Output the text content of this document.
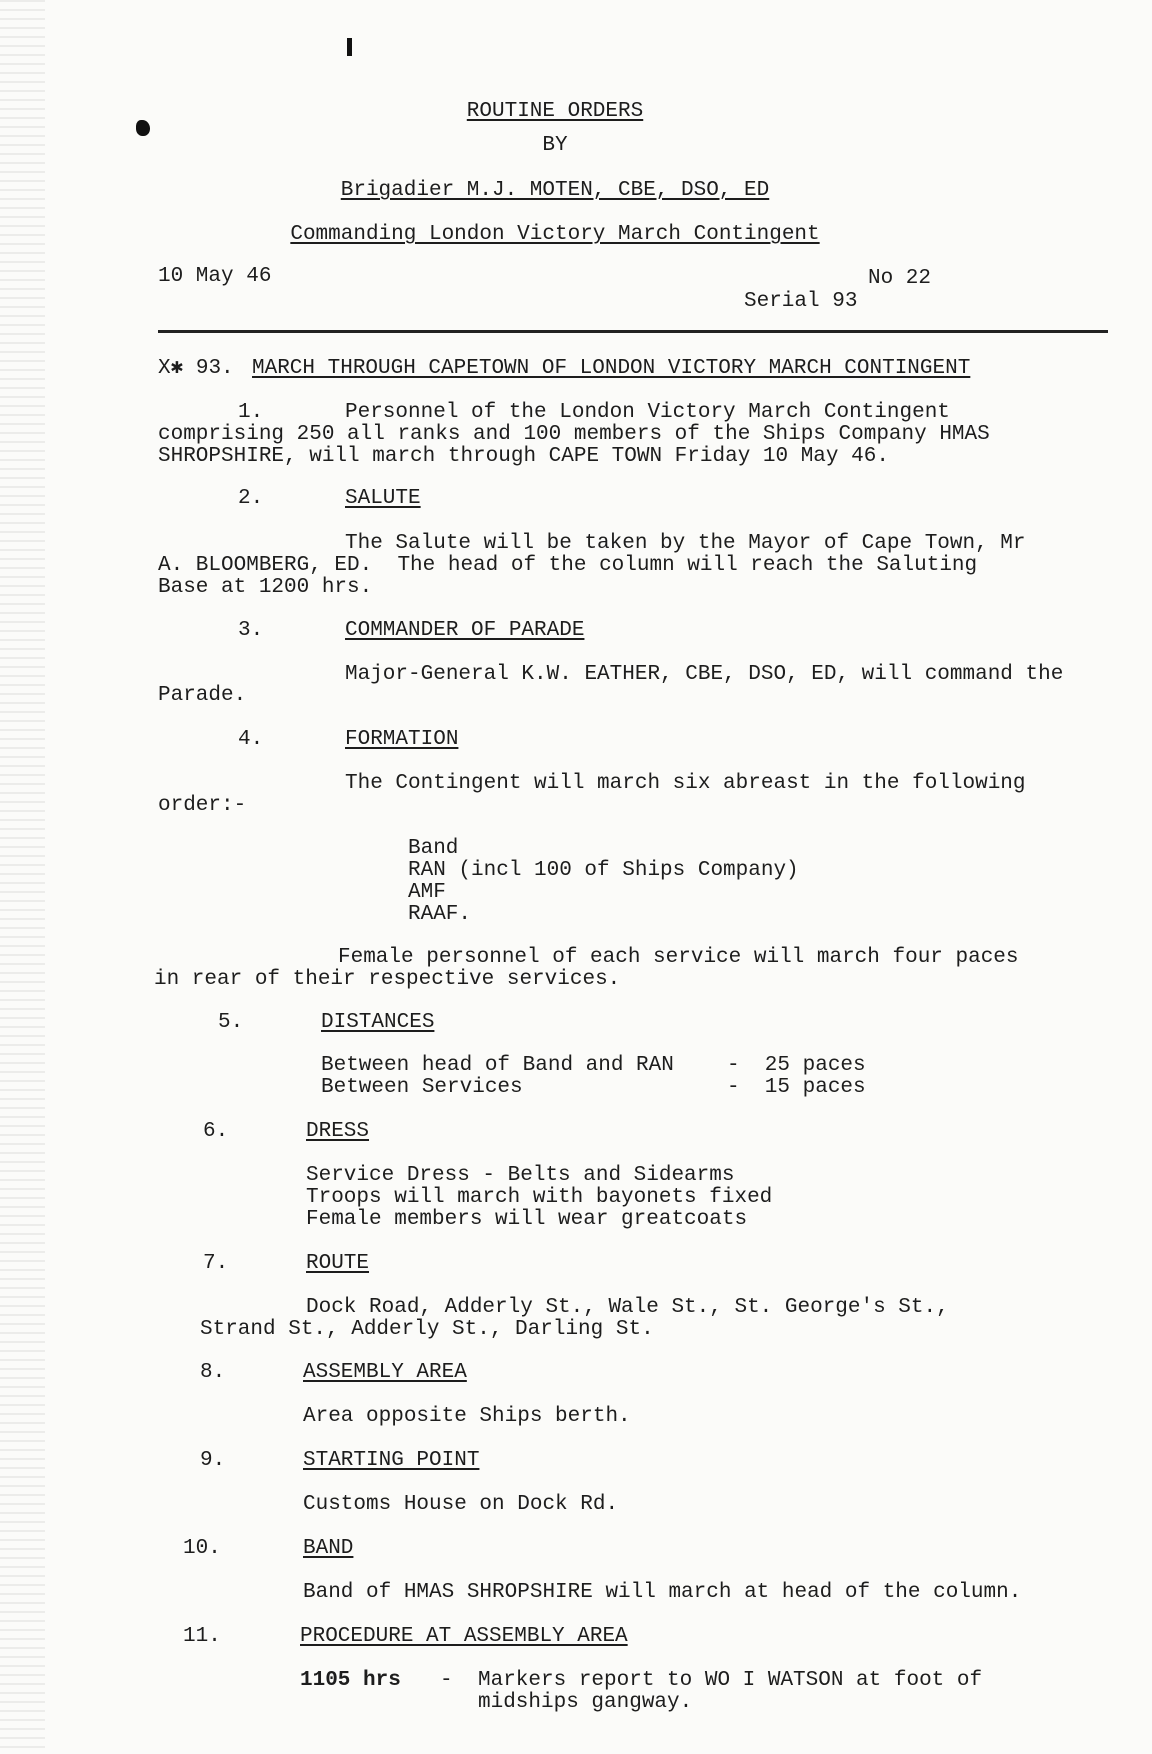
ROUTINE ORDERS
BY
Brigadier M.J. MOTEN, CBE, DSO, ED
Commanding London Victory March Contingent
10 May 46	No 22
Serial 93
X✱ 93. MARCH THROUGH CAPETOWN OF LONDON VICTORY MARCH CONTINGENT
1.	Personnel of the London Victory March Contingent
comprising 250 all ranks and 100 members of the Ships Company HMAS
SHROPSHIRE, will march through CAPE TOWN Friday 10 May 46.
2.	SALUTE
The Salute will be taken by the Mayor of Cape Town, Mr
A. BLOOMBERG, ED.  The head of the column will reach the Saluting
Base at 1200 hrs.
3.	COMMANDER OF PARADE
Major-General K.W. EATHER, CBE, DSO, ED, will command the
Parade.
4.	FORMATION
The Contingent will march six abreast in the following
order:-
Band
RAN (incl 100 of Ships Company)
AMF
RAAF.
Female personnel of each service will march four paces
in rear of their respective services.
5.	DISTANCES
Between head of Band and RAN	-  25 paces
Between Services	-  15 paces
6.	DRESS
Service Dress - Belts and Sidearms
Troops will march with bayonets fixed
Female members will wear greatcoats
7.	ROUTE
Dock Road, Adderly St., Wale St., St. George's St.,
Strand St., Adderly St., Darling St.
8.	ASSEMBLY AREA
Area opposite Ships berth.
9.	STARTING POINT
Customs House on Dock Rd.
10.	BAND
Band of HMAS SHROPSHIRE will march at head of the column.
11.	PROCEDURE AT ASSEMBLY AREA
1105 hrs - Markers report to WO I WATSON at foot of
midships gangway.
